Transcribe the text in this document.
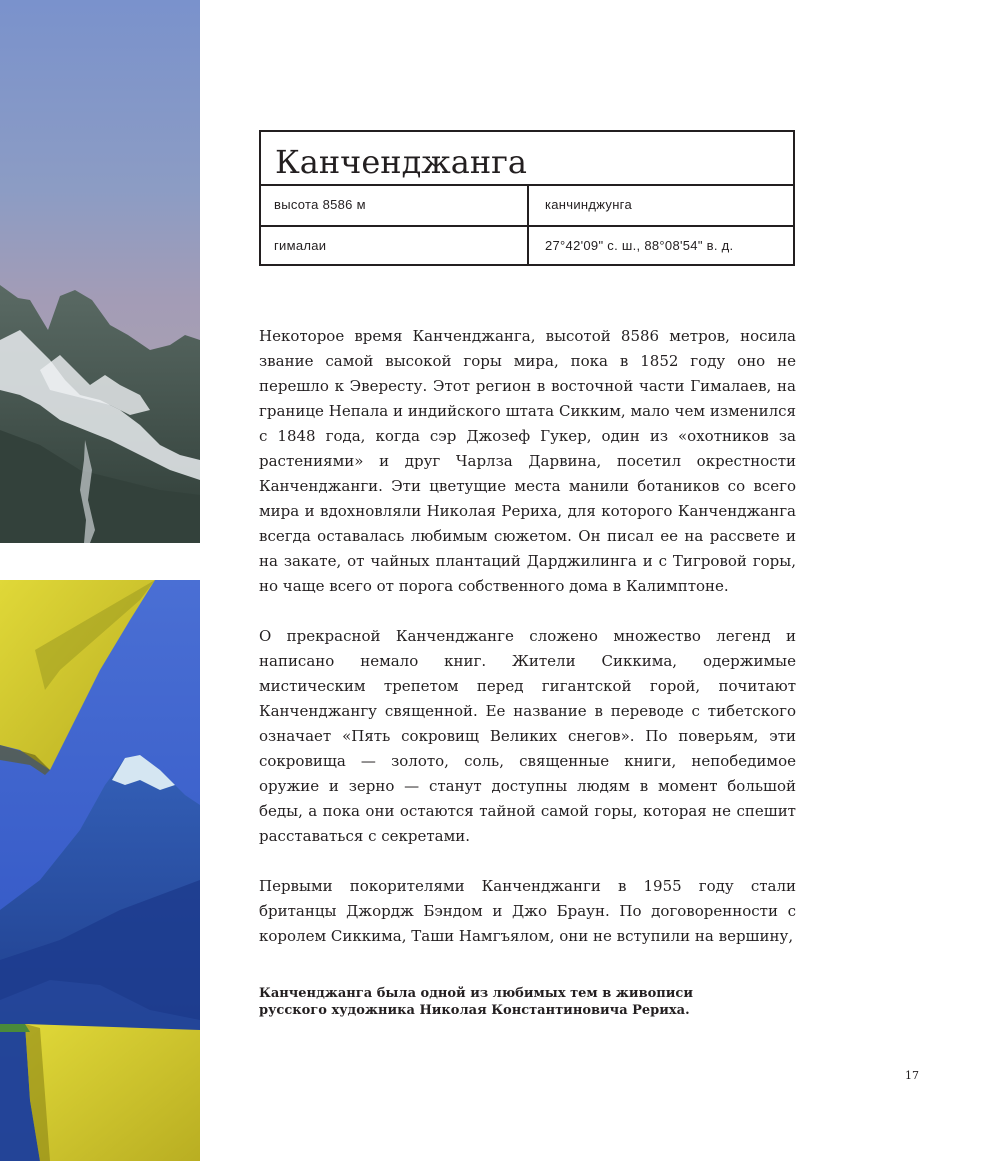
Канченджанга
высота 8586 м	канчинджунга
гималаи	27°42'09" с. ш., 88°08'54" в. д.

Некоторое время Канченджанга, высотой 8586 метров, носила звание самой высокой горы мира, пока в 1852 году оно не перешло к Эвересту. Этот регион в восточной части Гималаев, на границе Непала и индийского штата Сикким, мало чем изменился с 1848 года, когда сэр Джозеф Гукер, один из «охотников за растениями» и друг Чарлза Дарвина, посетил окрестности Канченджанги. Эти цветущие места манили ботаников со всего мира и вдохновляли Николая Рериха, для которого Канченджанга всегда оставалась любимым сюжетом. Он писал ее на рассвете и на закате, от чайных плантаций Дарджилинга и с Тигровой горы, но чаще всего от порога собственного дома в Калимптоне.

О прекрасной Канченджанге сложено множество легенд и написано немало книг. Жители Сиккима, одержимые мистическим трепетом перед гигантской горой, почитают Канченджангу священной. Ее название в переводе с тибетского означает «Пять сокровищ Великих снегов». По поверьям, эти сокровища — золото, соль, священные книги, непобедимое оружие и зерно — станут доступны людям в момент большой беды, а пока они остаются тайной самой горы, которая не спешит расставаться с секретами.

Первыми покорителями Канченджанги в 1955 году стали британцы Джордж Бэндом и Джо Браун. По договоренности с королем Сиккима, Таши Намгъялом, они не вступили на вершину,

Канченджанга была одной из любимых тем в живописи русского художника Николая Константиновича Рериха.
17
